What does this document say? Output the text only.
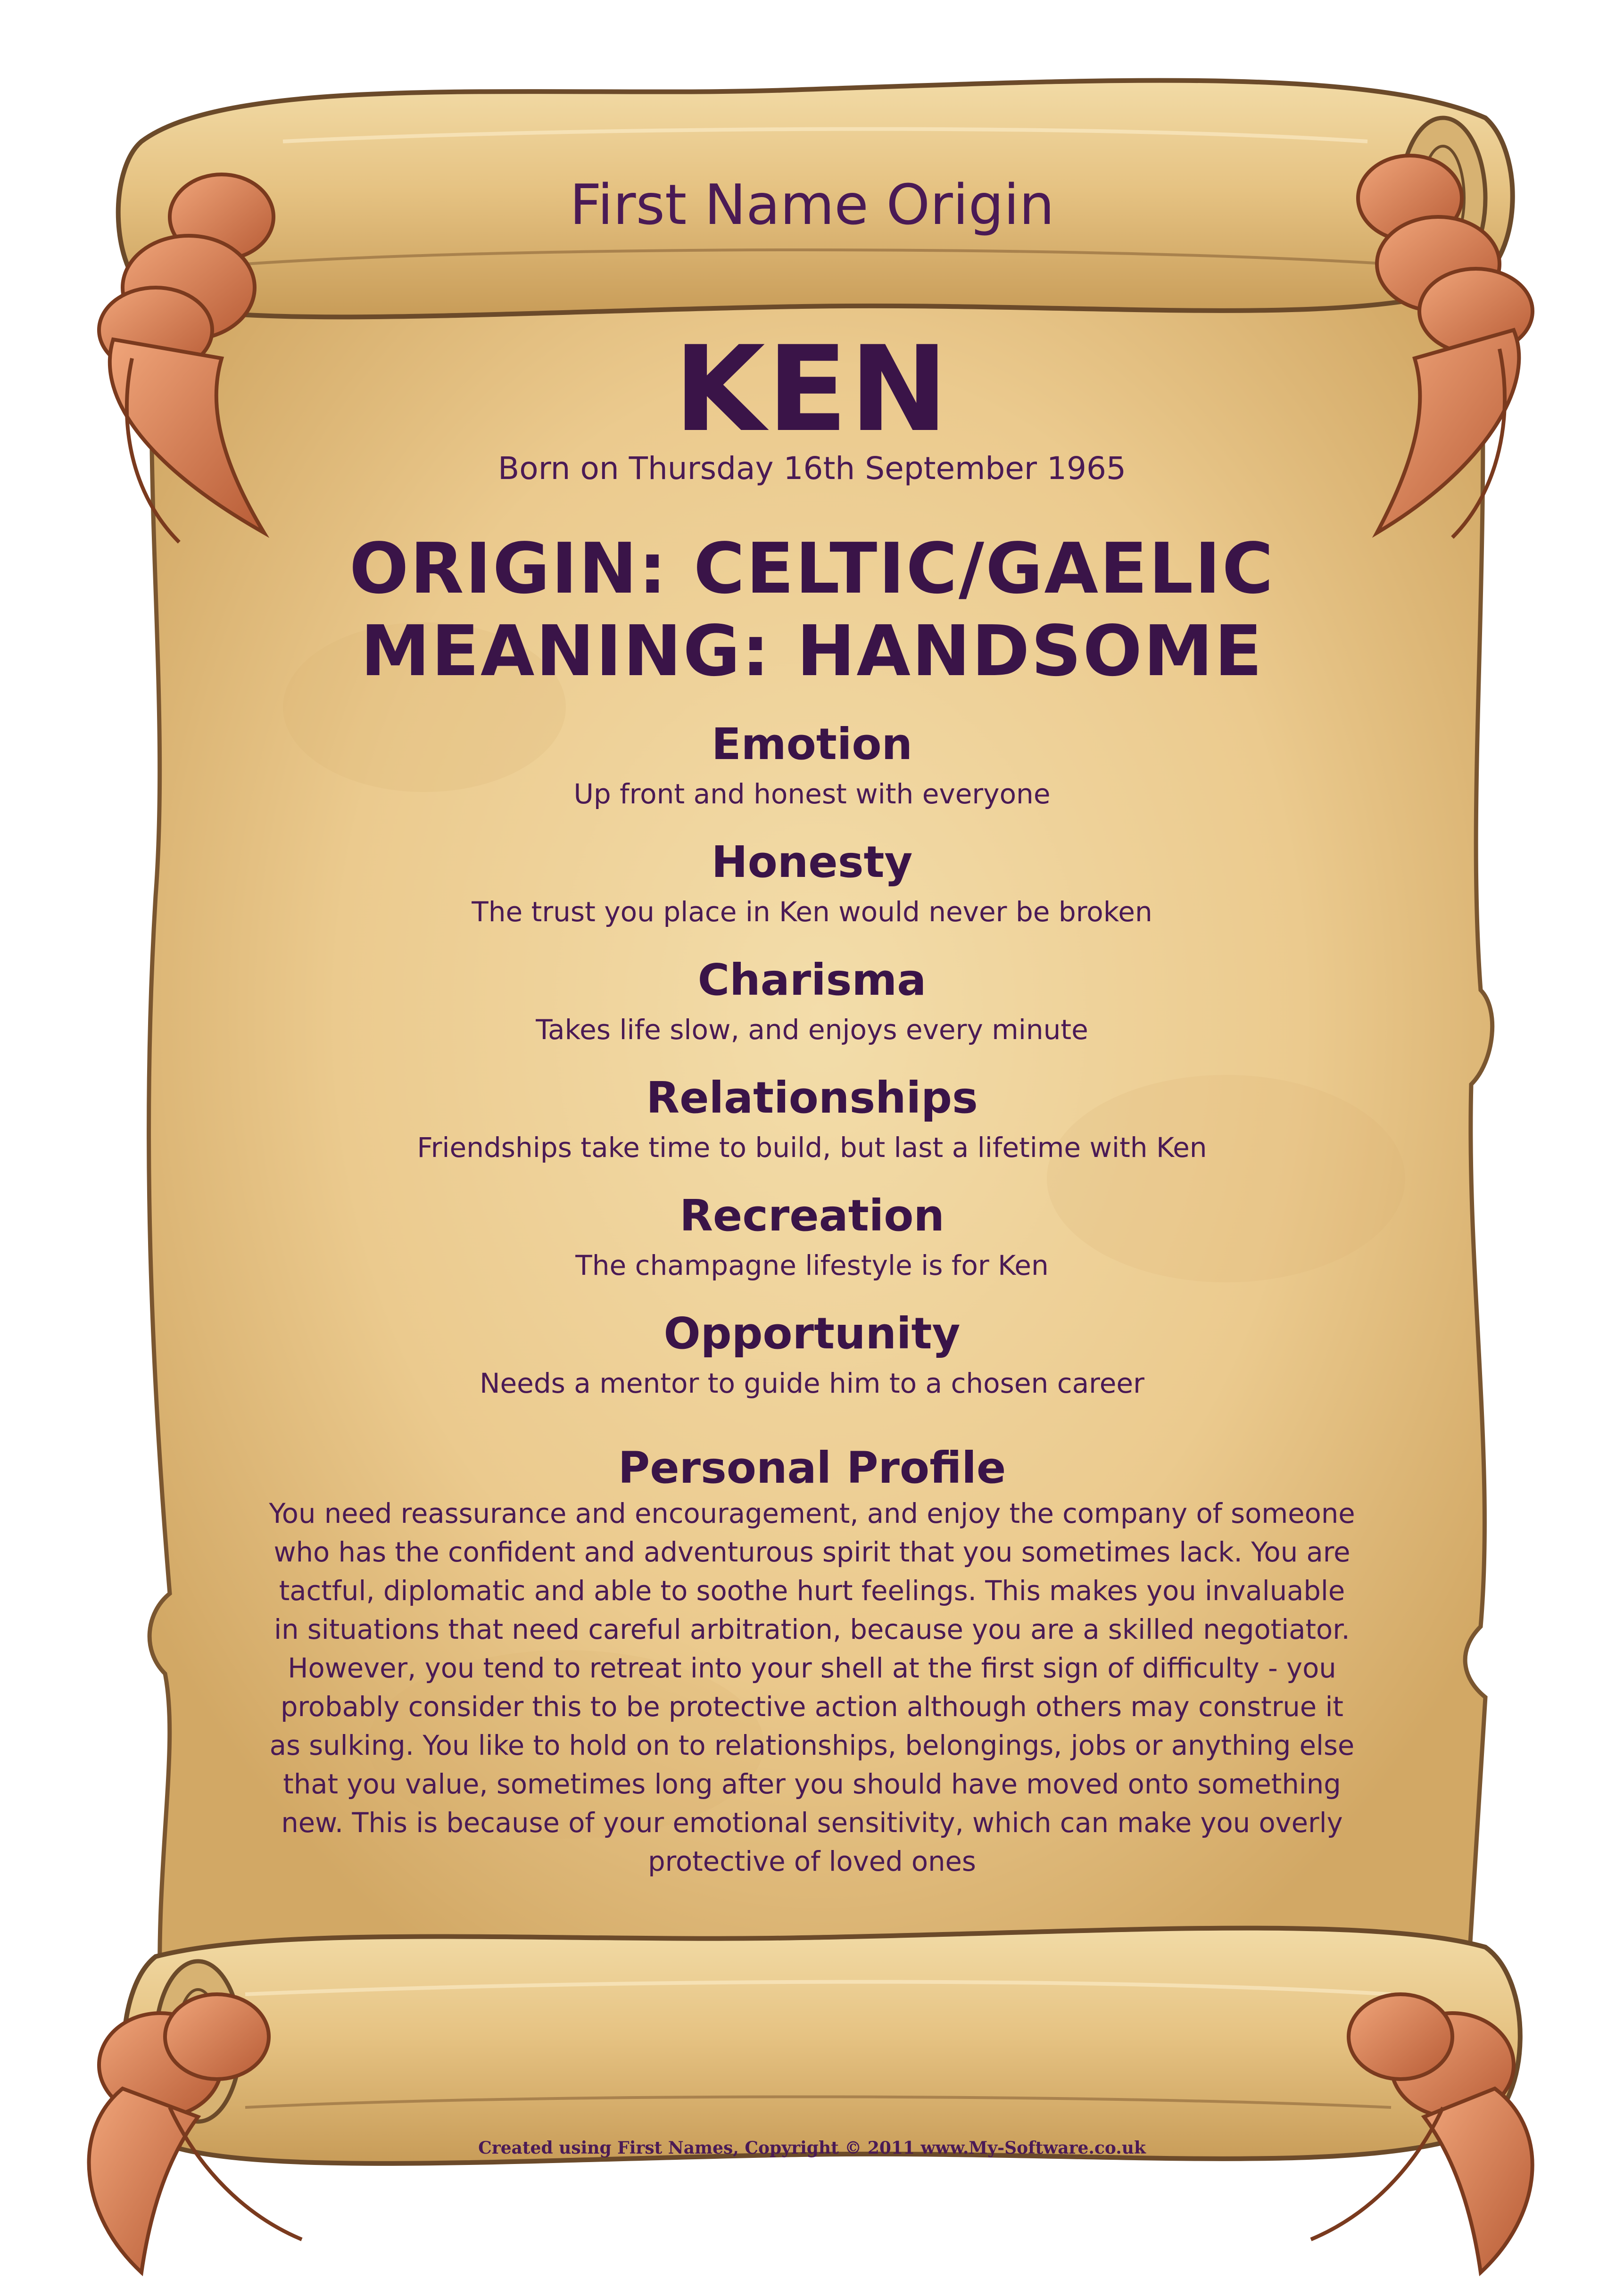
First Name Origin
KEN
Born on Thursday 16th September 1965
ORIGIN: CELTIC/GAELIC
MEANING: HANDSOME
Emotion
Up front and honest with everyone
Honesty
The trust you place in Ken would never be broken
Charisma
Takes life slow, and enjoys every minute
Relationships
Friendships take time to build, but last a lifetime with Ken
Recreation
The champagne lifestyle is for Ken
Opportunity
Needs a mentor to guide him to a chosen career
Personal Profile
You need reassurance and encouragement, and enjoy the company of someone who has the confident and adventurous spirit that you sometimes lack. You are tactful, diplomatic and able to soothe hurt feelings. This makes you invaluable in situations that need careful arbitration, because you are a skilled negotiator. However, you tend to retreat into your shell at the first sign of difficulty - you probably consider this to be protective action although others may construe it as sulking. You like to hold on to relationships, belongings, jobs or anything else that you value, sometimes long after you should have moved onto something new. This is because of your emotional sensitivity, which can make you overly protective of loved ones
Created using First Names, Copyright © 2011 www.My-Software.co.uk
